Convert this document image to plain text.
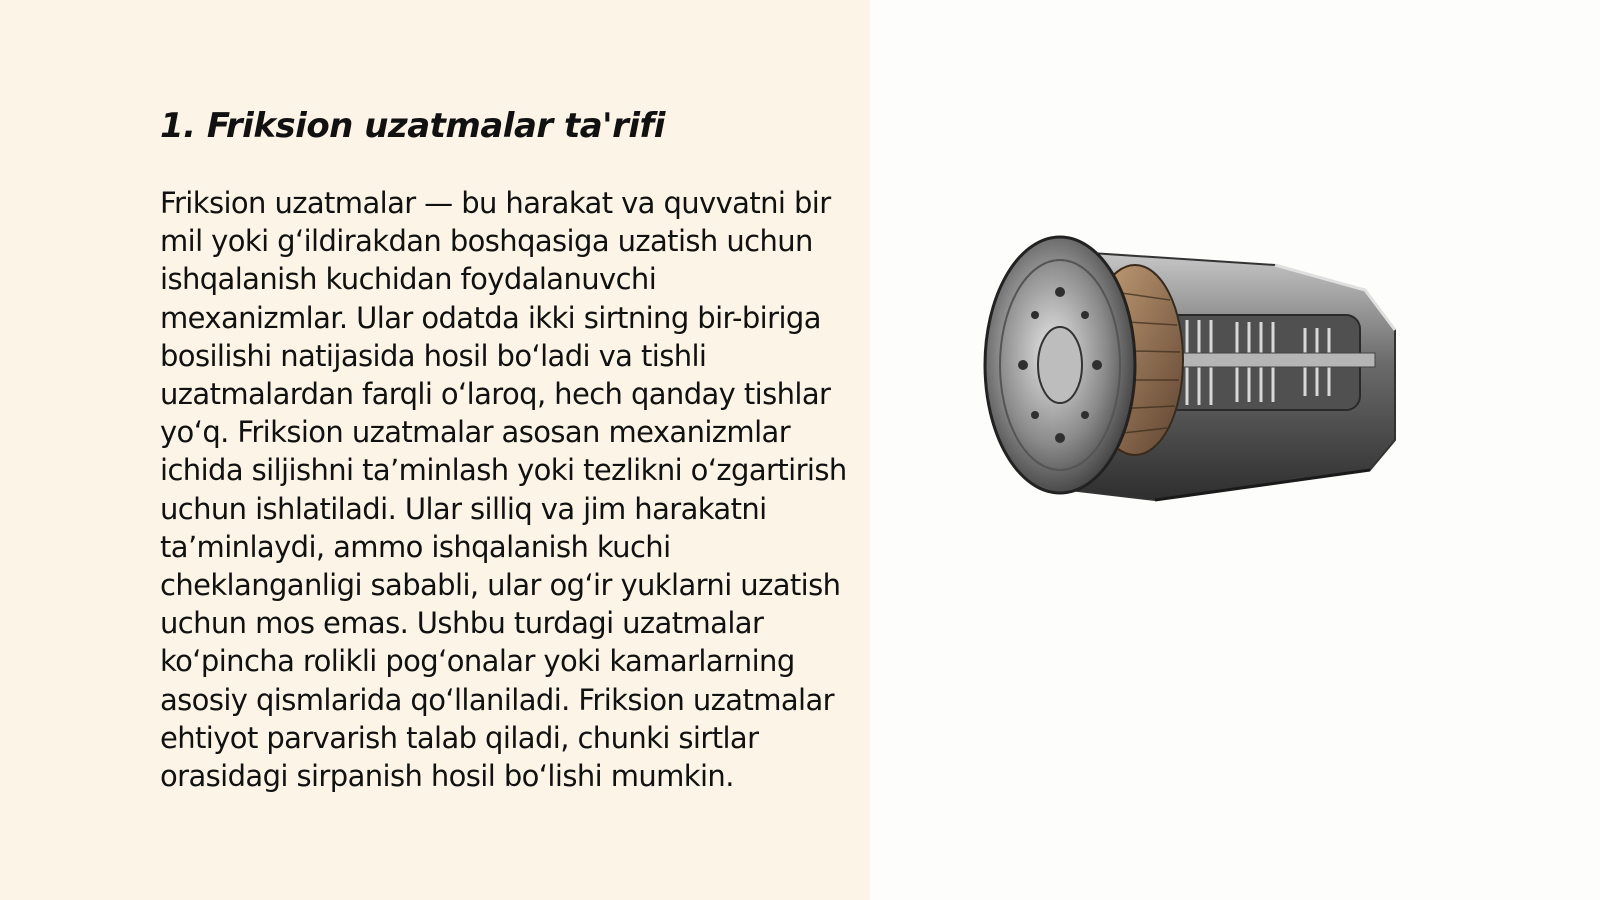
1. Friksion uzatmalar ta'rifi
Friksion uzatmalar — bu harakat va quvvatni bir mil yoki g‘ildirakdan boshqasiga uzatish uchun ishqalanish kuchidan foydalanuvchi mexanizmlar. Ular odatda ikki sirtning bir-biriga bosilishi natijasida hosil bo‘ladi va tishli uzatmalardan farqli o‘laroq, hech qanday tishlar yo‘q. Friksion uzatmalar asosan mexanizmlar ichida siljishni ta’minlash yoki tezlikni o‘zgartirish uchun ishlatiladi. Ular silliq va jim harakatni ta’minlaydi, ammo ishqalanish kuchi cheklanganligi sababli, ular og‘ir yuklarni uzatish uchun mos emas. Ushbu turdagi uzatmalar ko‘pincha rolikli pog‘onalar yoki kamarlarning asosiy qismlarida qo‘llaniladi. Friksion uzatmalar ehtiyot parvarish talab qiladi, chunki sirtlar orasidagi sirpanish hosil bo‘lishi mumkin.
